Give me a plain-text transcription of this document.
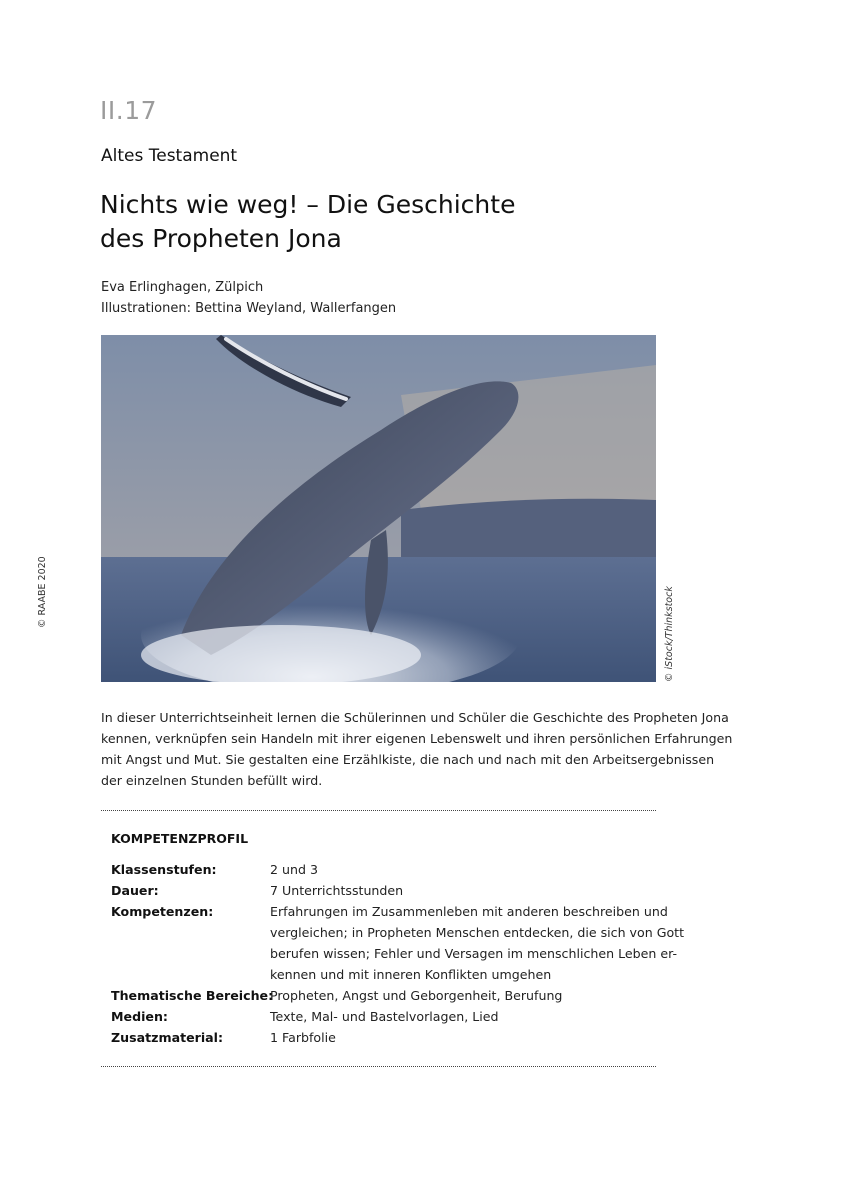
II.17
Altes Testament
Nichts wie weg! – Die Geschichte
des Propheten Jona
Eva Erlinghagen, Zülpich
Illustrationen: Bettina Weyland, Wallerfangen
© iStock/Thinkstock
© RAABE 2020
In dieser Unterrichtseinheit lernen die Schülerinnen und Schüler die Geschichte des Propheten Jona
kennen, verknüpfen sein Handeln mit ihrer eigenen Lebenswelt und ihren persönlichen Erfahrungen
mit Angst und Mut. Sie gestalten eine Erzählkiste, die nach und nach mit den Arbeitsergebnissen
der einzelnen Stunden befüllt wird.
KOMPETENZPROFIL
Klassenstufen:	2 und 3
Dauer:	7 Unterrichtsstunden
Kompetenzen:	Erfahrungen im Zusammenleben mit anderen beschreiben und
vergleichen; in Propheten Menschen entdecken, die sich von Gott
berufen wissen; Fehler und Versagen im menschlichen Leben er-
kennen und mit inneren Konflikten umgehen
Thematische Bereiche:
Propheten, Angst und Geborgenheit, Berufung
Medien:	Texte, Mal- und Bastelvorlagen, Lied
Zusatzmaterial:	1 Farbfolie
